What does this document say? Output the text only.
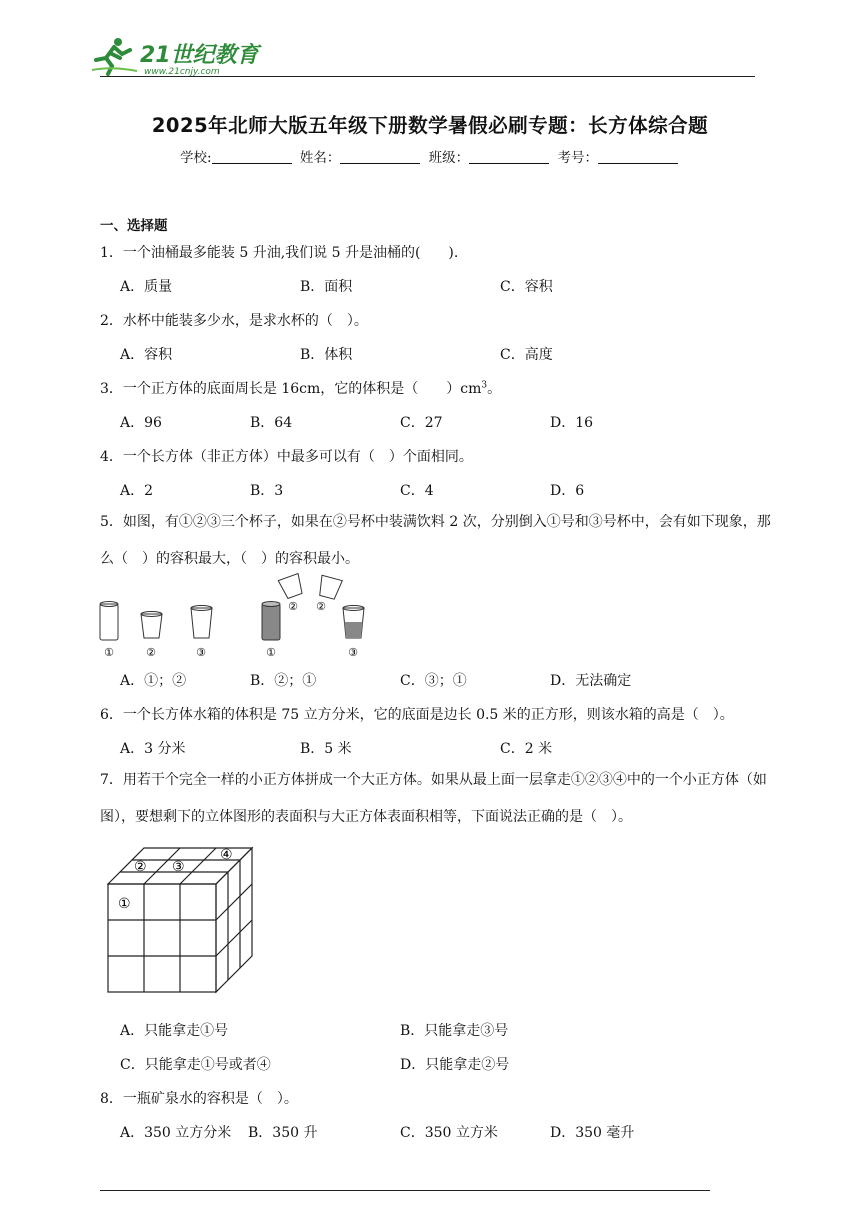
21世纪教育
www.21cnjy.com
2025年北师大版五年级下册数学暑假必刷专题：长方体综合题
学校:	姓名：	班级：	考号：
一、选择题
1．一个油桶最多能装 5 升油,我们说 5 升是油桶的(　　).
A．质量	B．面积	C．容积
2．水杯中能装多少水，是求水杯的（　）。
A．容积	B．体积	C．高度
3．一个正方体的底面周长是 16cm，它的体积是（　　）$cm^3$。
A．96	B．64	C．27	D．16
4．一个长方体（非正方体）中最多可以有（　）个面相同。
A．2	B．3	C．4	D．6
5．如图，有①②③三个杯子，如果在②号杯中装满饮料 2 次，分别倒入①号和③号杯中，会有如下现象，那么（　）的容积最大，（　）的容积最小。
①	②	③	①
② ②
③
A．①；②	B．②；①	C．③；①	D．无法确定
6．一个长方体水箱的体积是 75 立方分米，它的底面是边长 0.5 米的正方形，则该水箱的高是（　）。
A．3 分米	B．5 米	C．2 米
7．用若干个完全一样的小正方体拼成一个大正方体。如果从最上面一层拿走①②③④中的一个小正方体（如图），要想剩下的立体图形的表面积与大正方体表面积相等，下面说法正确的是（　）。
①
② ③
④
A．只能拿走①号	B．只能拿走③号
C．只能拿走①号或者④	D．只能拿走②号
8．一瓶矿泉水的容积是（　）。
A．350 立方分米 B．350 升	C．350 立方米	D．350 毫升
